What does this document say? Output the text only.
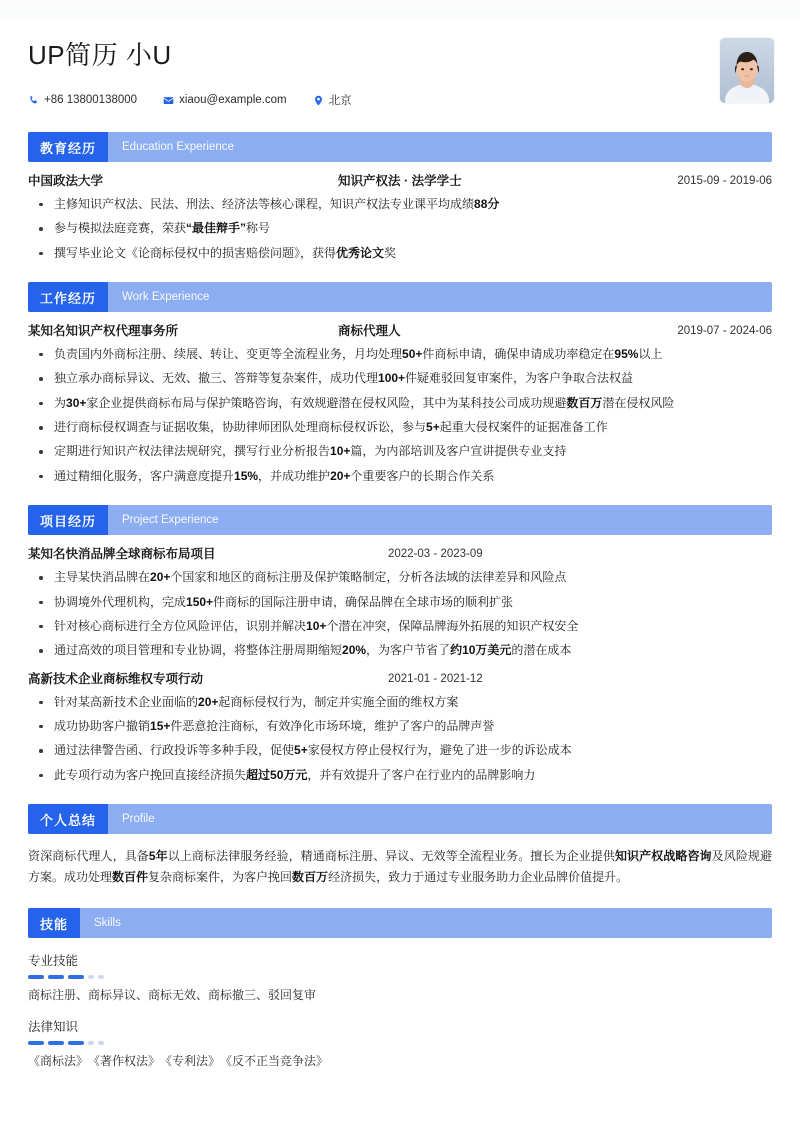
UP简历 小U
+86 13800138000	xiaou@example.com	北京
教育经历	Education Experience
中国政法大学	知识产权法 · 法学学士	2015-09 - 2019-06
主修知识产权法、民法、刑法、经济法等核心课程，知识产权法专业课平均成绩88分
参与模拟法庭竞赛，荣获“最佳辩手”称号
撰写毕业论文《论商标侵权中的损害赔偿问题》，获得优秀论文奖
工作经历	Work Experience
某知名知识产权代理事务所	商标代理人	2019-07 - 2024-06
负责国内外商标注册、续展、转让、变更等全流程业务，月均处理50+件商标申请，确保申请成功率稳定在95%以上
独立承办商标异议、无效、撤三、答辩等复杂案件，成功代理100+件疑难驳回复审案件，为客户争取合法权益
为30+家企业提供商标布局与保护策略咨询，有效规避潜在侵权风险，其中为某科技公司成功规避数百万潜在侵权风险
进行商标侵权调查与证据收集，协助律师团队处理商标侵权诉讼，参与5+起重大侵权案件的证据准备工作
定期进行知识产权法律法规研究，撰写行业分析报告10+篇，为内部培训及客户宣讲提供专业支持
通过精细化服务，客户满意度提升15%，并成功维护20+个重要客户的长期合作关系
项目经历	Project Experience
某知名快消品牌全球商标布局项目	2022-03 - 2023-09
主导某快消品牌在20+个国家和地区的商标注册及保护策略制定，分析各法域的法律差异和风险点
协调境外代理机构，完成150+件商标的国际注册申请，确保品牌在全球市场的顺利扩张
针对核心商标进行全方位风险评估，识别并解决10+个潜在冲突，保障品牌海外拓展的知识产权安全
通过高效的项目管理和专业协调，将整体注册周期缩短20%，为客户节省了约10万美元的潜在成本
高新技术企业商标维权专项行动	2021-01 - 2021-12
针对某高新技术企业面临的20+起商标侵权行为，制定并实施全面的维权方案
成功协助客户撤销15+件恶意抢注商标，有效净化市场环境，维护了客户的品牌声誉
通过法律警告函、行政投诉等多种手段，促使5+家侵权方停止侵权行为，避免了进一步的诉讼成本
此专项行动为客户挽回直接经济损失超过50万元，并有效提升了客户在行业内的品牌影响力
个人总结	Profile
资深商标代理人，具备5年以上商标法律服务经验，精通商标注册、异议、无效等全流程业务。擅长为企业提供知识产权战略咨询及风险规避方案。成功处理数百件复杂商标案件，为客户挽回数百万经济损失，致力于通过专业服务助力企业品牌价值提升。
技能	Skills
专业技能
商标注册、商标异议、商标无效、商标撤三、驳回复审
法律知识
《商标法》　《著作权法》　《专利法》　《反不正当竞争法》
